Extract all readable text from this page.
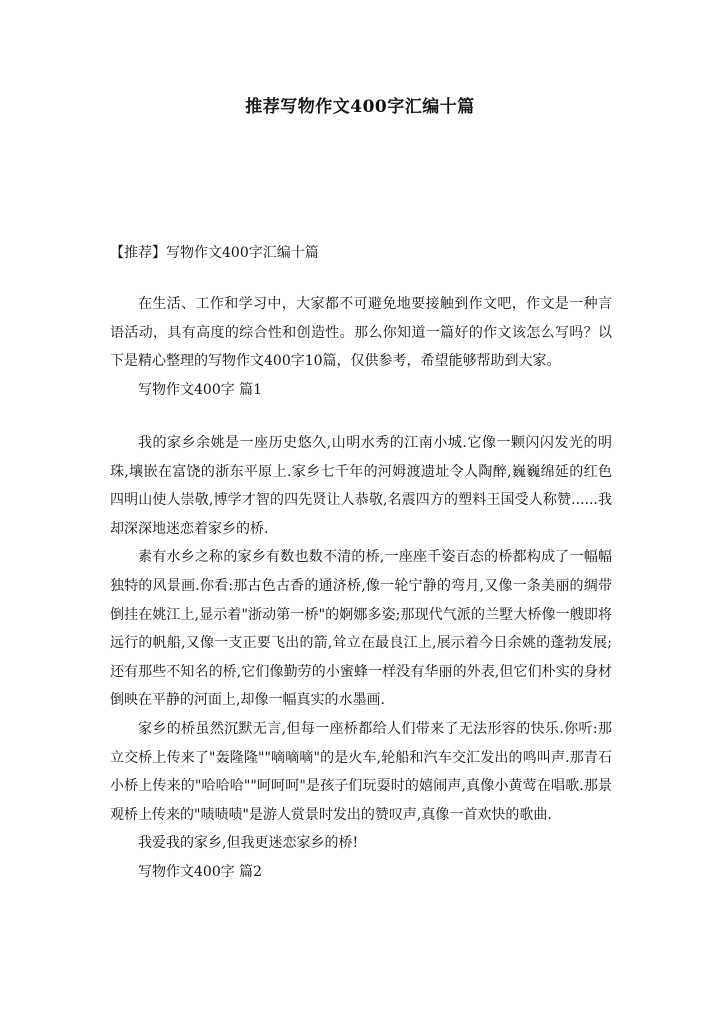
推荐写物作文400字汇编十篇

【推荐】写物作文400字汇编十篇

在生活、工作和学习中，大家都不可避免地要接触到作文吧，作文是一种言语活动，具有高度的综合性和创造性。那么你知道一篇好的作文该怎么写吗？以下是精心整理的写物作文400字10篇，仅供参考，希望能够帮助到大家。

写物作文400字 篇1

我的家乡余姚是一座历史悠久,山明水秀的江南小城.它像一颗闪闪发光的明珠,壤嵌在富饶的浙东平原上.家乡七千年的河姆渡遗址令人陶醉,巍巍绵延的红色四明山使人崇敬,博学才智的四先贤让人恭敬,名震四方的塑料王国受人称赞......我却深深地迷恋着家乡的桥.

素有水乡之称的家乡有数也数不清的桥,一座座千姿百态的桥都构成了一幅幅独特的风景画.你看:那古色古香的通济桥,像一轮宁静的弯月,又像一条美丽的绸带倒挂在姚江上,显示着"浙动第一桥"的婀娜多姿;那现代气派的兰墅大桥像一艘即将远行的帆船,又像一支正要飞出的箭,耸立在最良江上,展示着今日余姚的蓬勃发展;还有那些不知名的桥,它们像勤劳的小蜜蜂一样没有华丽的外表,但它们朴实的身材倒映在平静的河面上,却像一幅真实的水墨画.

家乡的桥虽然沉默无言,但每一座桥都给人们带来了无法形容的快乐.你听:那立交桥上传来了"轰隆隆""嘀嘀嘀"的是火车,轮船和汽车交汇发出的鸣叫声.那青石小桥上传来的"哈哈哈""呵呵呵"是孩子们玩耍时的嬉闹声,真像小黄莺在唱歌.那景观桥上传来的"啧啧啧"是游人赏景时发出的赞叹声,真像一首欢快的歌曲.

我爱我的家乡,但我更迷恋家乡的桥!

写物作文400字 篇2
